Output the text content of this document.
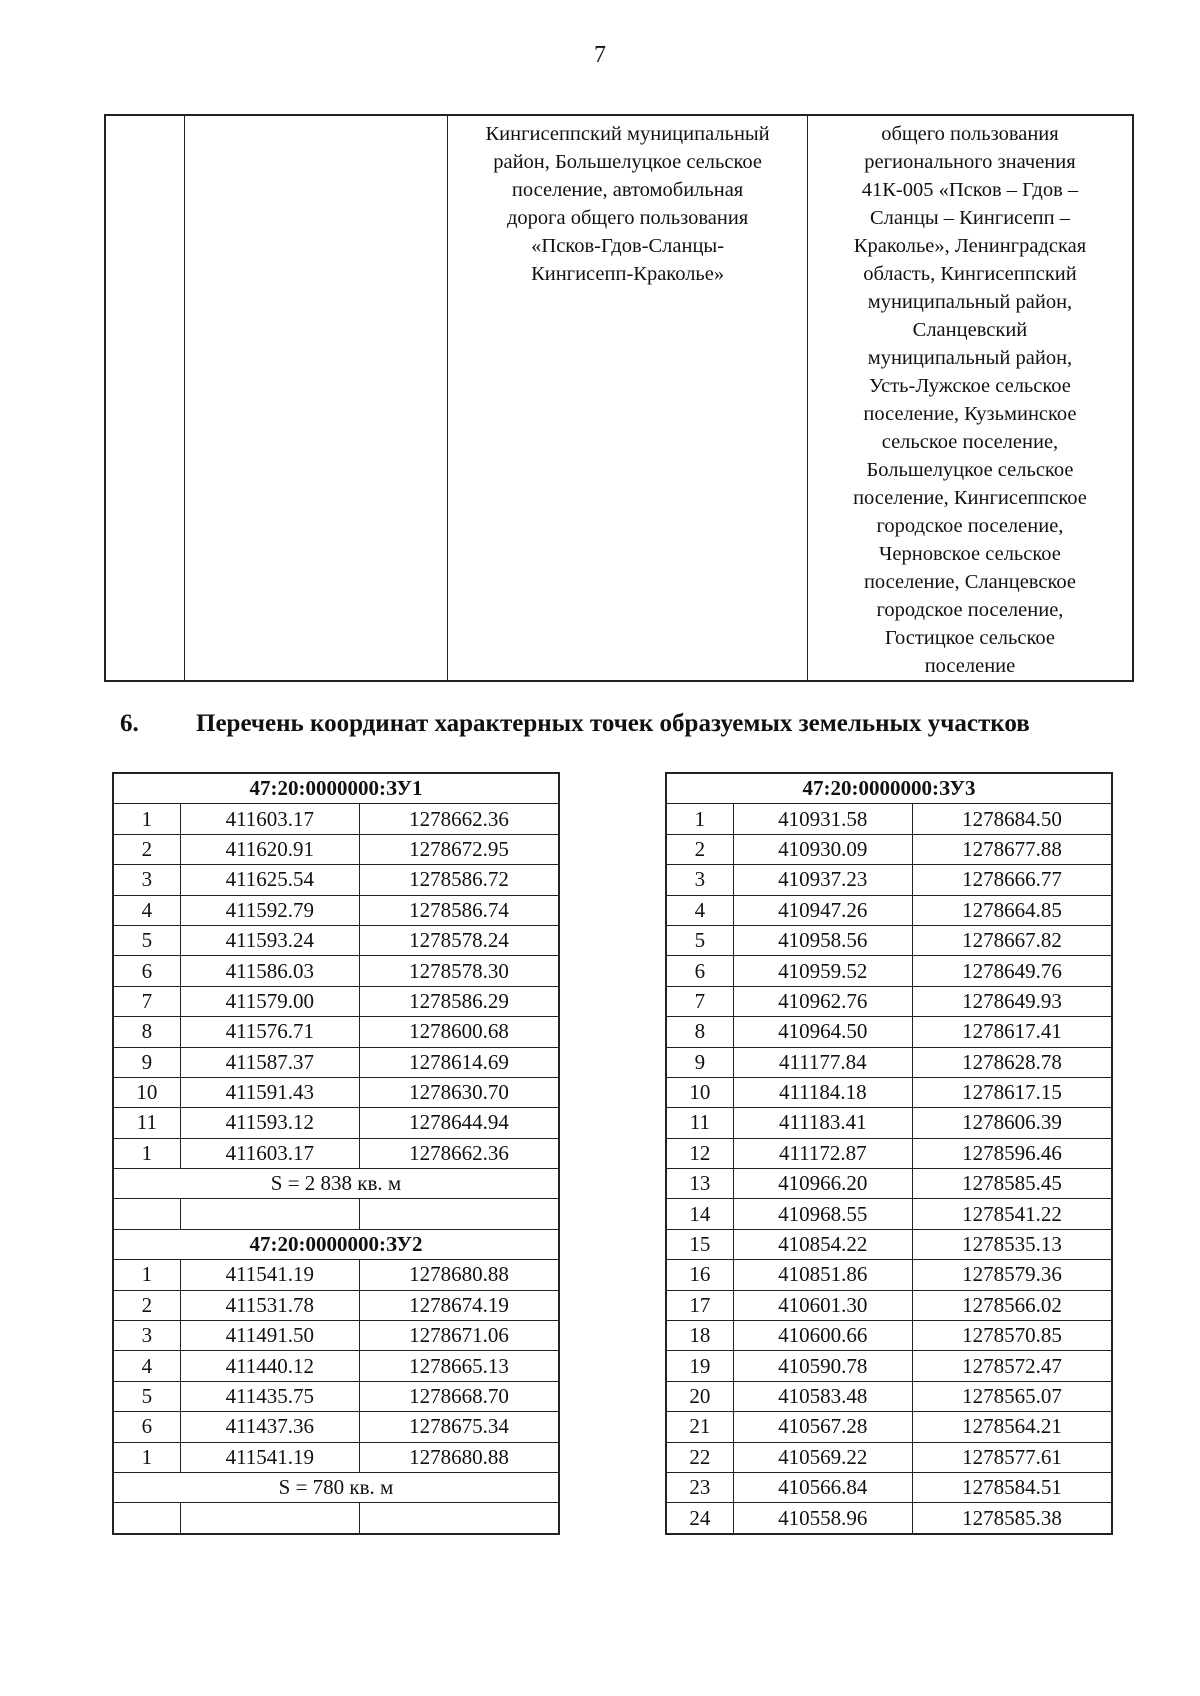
7
		Кингисеппский муниципальный
район, Большелуцкое сельское
поселение, автомобильная
дорога общего пользования
«Псков-Гдов-Сланцы-
Кингисепп-Краколье»	общего пользования
регионального значения
41К-005 «Псков – Гдов –
Сланцы – Кингисепп –
Краколье», Ленинградская
область, Кингисеппский
муниципальный район,
Сланцевский
муниципальный район,
Усть-Лужское сельское
поселение, Кузьминское
сельское поселение,
Большелуцкое сельское
поселение, Кингисеппское
городское поселение,
Черновское сельское
поселение, Сланцевское
городское поселение,
Гостицкое сельское
поселение
6. Перечень координат характерных точек образуемых земельных участков
47:20:0000000:ЗУ1		
1	411603.17	1278662.36
2	411620.91	1278672.95
3	411625.54	1278586.72
4	411592.79	1278586.74
5	411593.24	1278578.24
6	411586.03	1278578.30
7	411579.00	1278586.29
8	411576.71	1278600.68
9	411587.37	1278614.69
10	411591.43	1278630.70
11	411593.12	1278644.94
1	411603.17	1278662.36
S = 2 838 кв. м		

47:20:0000000:ЗУ2		
1	411541.19	1278680.88
2	411531.78	1278674.19
3	411491.50	1278671.06
4	411440.12	1278665.13
5	411435.75	1278668.70
6	411437.36	1278675.34
1	411541.19	1278680.88
S = 780 кв. м		

47:20:0000000:ЗУ3		
1	410931.58	1278684.50
2	410930.09	1278677.88
3	410937.23	1278666.77
4	410947.26	1278664.85
5	410958.56	1278667.82
6	410959.52	1278649.76
7	410962.76	1278649.93
8	410964.50	1278617.41
9	411177.84	1278628.78
10	411184.18	1278617.15
11	411183.41	1278606.39
12	411172.87	1278596.46
13	410966.20	1278585.45
14	410968.55	1278541.22
15	410854.22	1278535.13
16	410851.86	1278579.36
17	410601.30	1278566.02
18	410600.66	1278570.85
19	410590.78	1278572.47
20	410583.48	1278565.07
21	410567.28	1278564.21
22	410569.22	1278577.61
23	410566.84	1278584.51
24	410558.96	1278585.38
